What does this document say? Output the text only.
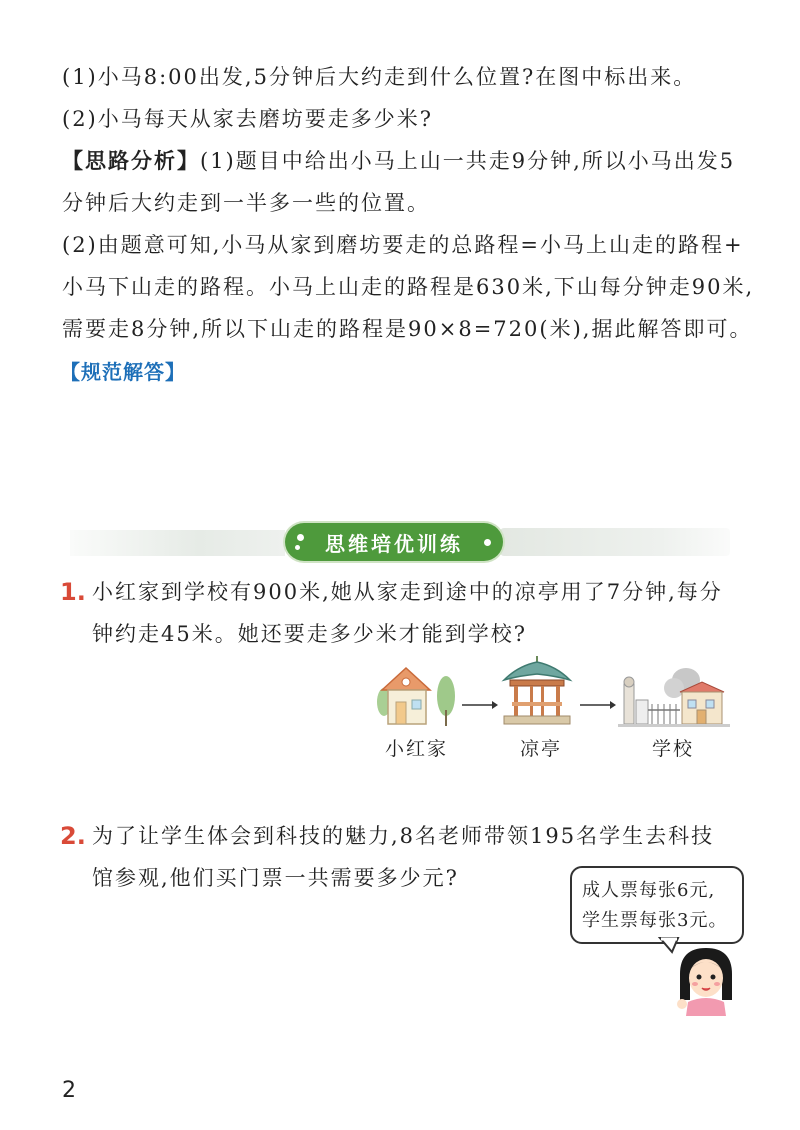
(1)小马8:00出发,5分钟后大约走到什么位置?在图中标出来。
(2)小马每天从家去磨坊要走多少米?
【思路分析】(1)题目中给出小马上山一共走9分钟,所以小马出发5
分钟后大约走到一半多一些的位置。
(2)由题意可知,小马从家到磨坊要走的总路程=小马上山走的路程+
小马下山走的路程。小马上山走的路程是630米,下山每分钟走90米,
需要走8分钟,所以下山走的路程是90×8=720(米),据此解答即可。
【规范解答】
思维培优训练
1. 小红家到学校有900米,她从家走到途中的凉亭用了7分钟,每分
钟约走45米。她还要走多少米才能到学校?
小红家	凉亭	学校
2. 为了让学生体会到科技的魅力,8名老师带领195名学生去科技
馆参观,他们买门票一共需要多少元?
成人票每张6元,
学生票每张3元。
2
